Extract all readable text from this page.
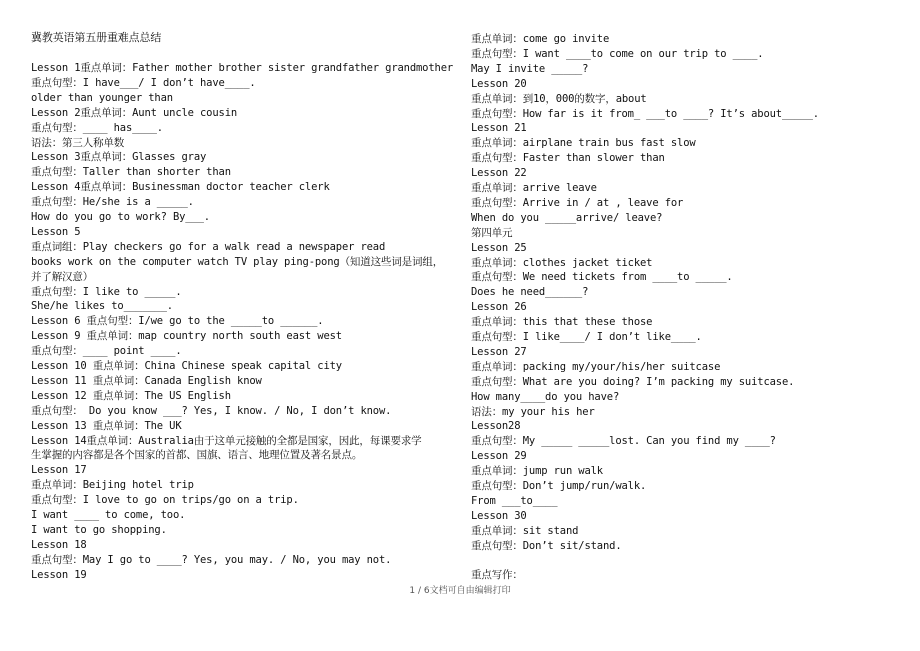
冀教英语第五册重难点总结
Lesson 1重点单词：Father mother brother sister grandfather grandmother
重点句型：I have___/ I don’t have____.
older than younger than
Lesson 2重点单词：Aunt uncle cousin
重点句型：____ has____.
语法：第三人称单数
Lesson 3重点单词：Glasses gray
重点句型：Taller than shorter than
Lesson 4重点单词：Businessman doctor teacher clerk
重点句型：He/she is a _____.
How do you go to work? By___.
Lesson 5
重点词组：Play checkers go for a walk read a newspaper read
books work on the computer watch TV play ping-pong（知道这些词是词组，
并了解汉意）
重点句型：I like to _____.
She/he likes to_______.
Lesson 6 重点句型：I/we go to the _____to ______.
Lesson 9 重点单词：map country north south east west
重点句型：____ point ____.
Lesson 10 重点单词：China Chinese speak capital city
Lesson 11 重点单词：Canada English know
Lesson 12 重点单词：The US English
重点句型： Do you know ___? Yes, I know. / No, I don’t know.
Lesson 13 重点单词：The UK
Lesson 14重点单词：Australia由于这单元接触的全都是国家，因此，每课要求学
生掌握的内容都是各个国家的首都、国旗、语言、地理位置及著名景点。
Lesson 17
重点单词：Beijing hotel trip
重点句型：I love to go on trips/go on a trip.
I want ____ to come, too.
I want to go shopping.
Lesson 18
重点句型：May I go to ____? Yes, you may. / No, you may not.
Lesson 19
重点单词：come go invite
重点句型：I want ____to come on our trip to ____.
May I invite _____?
Lesson 20
重点单词：到10，000的数字，about
重点句型：How far is it from_ ___to ____? It’s about_____.
Lesson 21
重点单词：airplane train bus fast slow
重点句型：Faster than slower than
Lesson 22
重点单词：arrive leave
重点句型：Arrive in / at , leave for
When do you _____arrive/ leave?
第四单元
Lesson 25
重点单词：clothes jacket ticket
重点句型：We need tickets from ____to _____.
Does he need______?
Lesson 26
重点单词：this that these those
重点句型：I like____/ I don’t like____.
Lesson 27
重点单词：packing my/your/his/her suitcase
重点句型：What are you doing? I’m packing my suitcase.
How many____do you have?
语法：my your his her
Lesson28
重点句型：My _____ _____lost. Can you find my ____?
Lesson 29
重点单词：jump run walk
重点句型：Don’t jump/run/walk.
From ___to____
Lesson 30
重点单词：sit stand
重点句型：Don’t sit/stand.
重点写作：
1 / 6文档可自由编辑打印
